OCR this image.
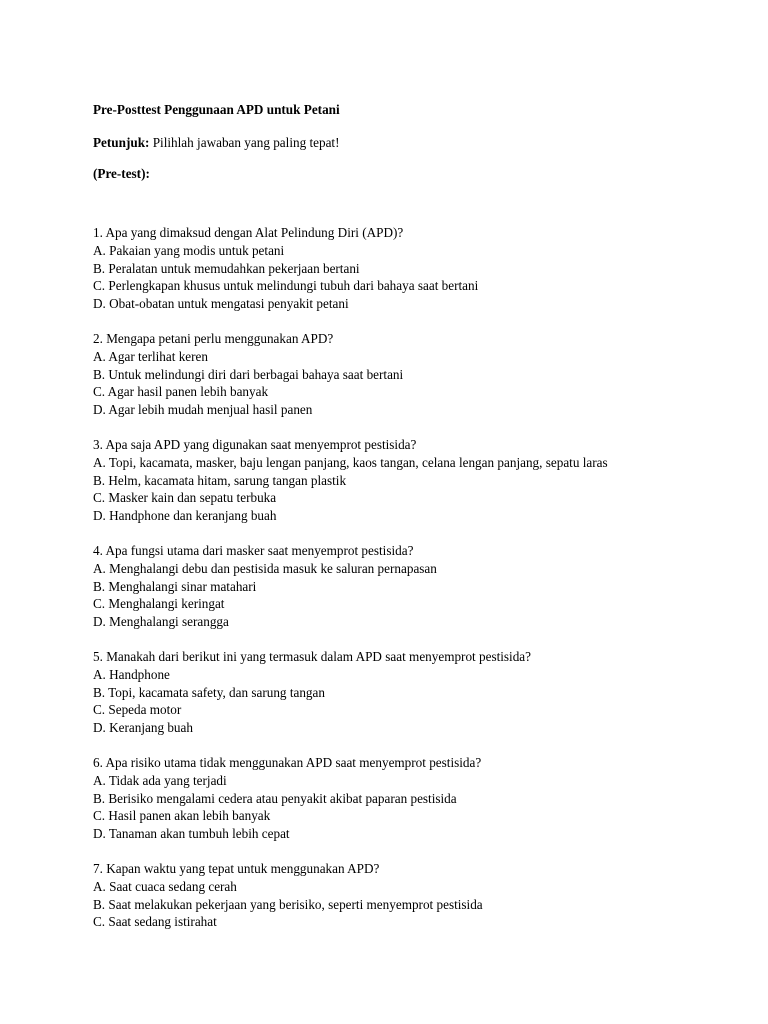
Pre-Posttest Penggunaan APD untuk Petani

Petunjuk: Pilihlah jawaban yang paling tepat!

(Pre-test):

1. Apa yang dimaksud dengan Alat Pelindung Diri (APD)?
A. Pakaian yang modis untuk petani
B. Peralatan untuk memudahkan pekerjaan bertani
C. Perlengkapan khusus untuk melindungi tubuh dari bahaya saat bertani
D. Obat-obatan untuk mengatasi penyakit petani
2. Mengapa petani perlu menggunakan APD?
A. Agar terlihat keren
B. Untuk melindungi diri dari berbagai bahaya saat bertani
C. Agar hasil panen lebih banyak
D. Agar lebih mudah menjual hasil panen
3. Apa saja APD yang digunakan saat menyemprot pestisida?
A. Topi, kacamata, masker, baju lengan panjang, kaos tangan, celana lengan panjang, sepatu laras
B. Helm, kacamata hitam, sarung tangan plastik
C. Masker kain dan sepatu terbuka
D. Handphone dan keranjang buah
4. Apa fungsi utama dari masker saat menyemprot pestisida?
A. Menghalangi debu dan pestisida masuk ke saluran pernapasan
B. Menghalangi sinar matahari
C. Menghalangi keringat
D. Menghalangi serangga
5. Manakah dari berikut ini yang termasuk dalam APD saat menyemprot pestisida?
A. Handphone
B. Topi, kacamata safety, dan sarung tangan
C. Sepeda motor
D. Keranjang buah
6. Apa risiko utama tidak menggunakan APD saat menyemprot pestisida?
A. Tidak ada yang terjadi
B. Berisiko mengalami cedera atau penyakit akibat paparan pestisida
C. Hasil panen akan lebih banyak
D. Tanaman akan tumbuh lebih cepat
7. Kapan waktu yang tepat untuk menggunakan APD?
A. Saat cuaca sedang cerah
B. Saat melakukan pekerjaan yang berisiko, seperti menyemprot pestisida
C. Saat sedang istirahat
